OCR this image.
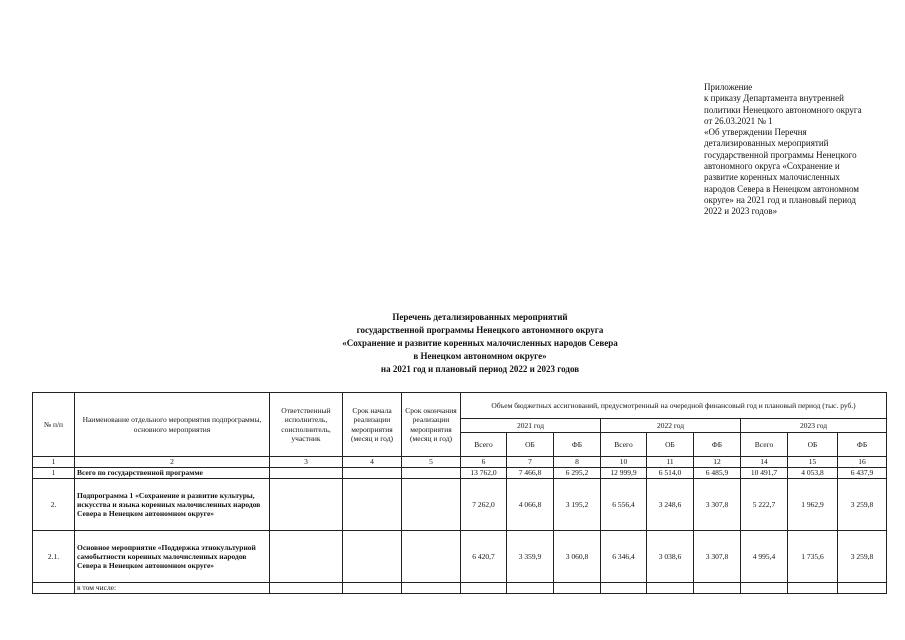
Приложение
к приказу Департамента внутренней
политики Ненецкого автономного округа
от 26.03.2021 № 1
«Об утверждении Перечня
детализированных мероприятий
государственной программы Ненецкого
автономного округа «Сохранение и
развитие коренных малочисленных
народов Севера в Ненецком автономном
округе» на 2021 год и плановый период
2022 и 2023 годов»
Перечень детализированных мероприятий
государственной программы Ненецкого автономного округа
«Сохранение и развитие коренных малочисленных народов Севера
в Ненецком автономном округе»
на 2021 год и плановый период 2022 и 2023 годов
№ п/п	Наименование отдельного мероприятия подпрограммы, основного мероприятия	Ответственный исполнитель, соисполнитель, участник	Срок начала реализации мероприятия (месяц и год)	Срок окончания реализации мероприятия (месяц и год)	Объем бюджетных ассигнований, предусмотренный на очередной финансовый год и плановый период (тыс. руб.)								
					2021 год			2022 год			2023 год		
					Всего	ОБ	ФБ	Всего	ОБ	ФБ	Всего	ОБ	ФБ
1	2	3	4	5	6	7	8	10	11	12	14	15	16
1	Всего по государственной программе				13 762,0	7 466,8	6 295,2	12 999,9	6 514,0	6 485,9	10 491,7	4 053,8	6 437,9
2.	Подпрограмма 1 «Сохранение и развитие культуры, искусства и языка коренных малочисленных народов Севера в Ненецком автономном округе»				7 262,0	4 066,8	3 195,2	6 556,4	3 248,6	3 307,8	5 222,7	1 962,9	3 259,8
2.1.	Основное мероприятие «Поддержка этнокультурной самобытности коренных малочисленных народов Севера в Ненецком автономном округе»				6 420,7	3 359,9	3 060,8	6 346,4	3 038,6	3 307,8	4 995,4	1 735,6	3 259,8
	в том числе:												
